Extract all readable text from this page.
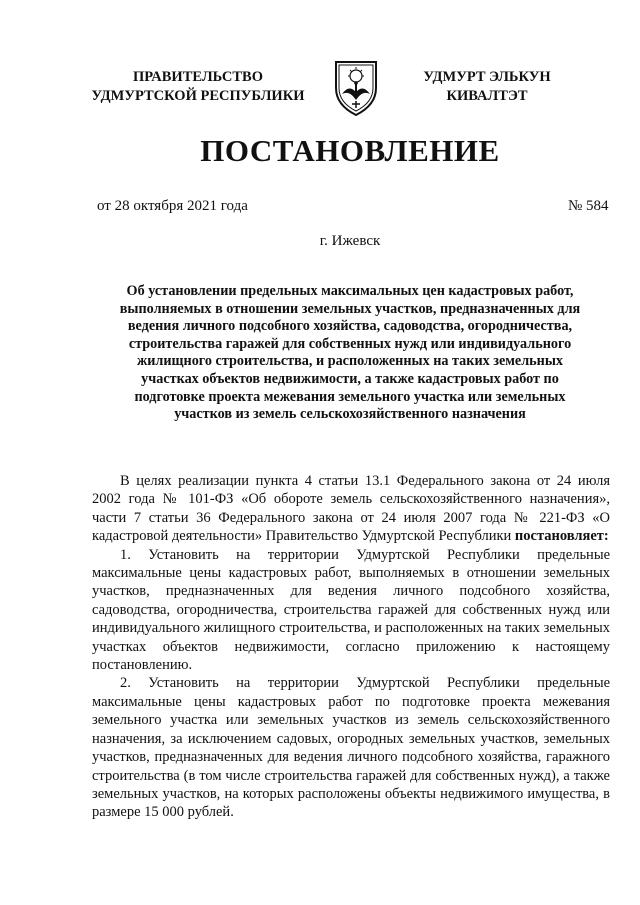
ПРАВИТЕЛЬСТВО
УДМУРТСКОЙ РЕСПУБЛИКИ
УДМУРТ ЭЛЬКУН
КИВАЛТЭТ
ПОСТАНОВЛЕНИЕ
от 28 октября 2021 года	№ 584
г. Ижевск
Об установлении предельных максимальных цен кадастровых работ, выполняемых в отношении земельных участков, предназначенных для ведения личного подсобного хозяйства, садоводства, огородничества, строительства гаражей для собственных нужд или индивидуального жилищного строительства, и расположенных на таких земельных участках объектов недвижимости, а также кадастровых работ по подготовке проекта межевания земельного участка или земельных участков из земель сельскохозяйственного назначения

В целях реализации пункта 4 статьи 13.1 Федерального закона от 24 июля 2002 года № 101-ФЗ «Об обороте земель сельскохозяйственного назначения», части 7 статьи 36 Федерального закона от 24 июля 2007 года № 221-ФЗ «О кадастровой деятельности» Правительство Удмуртской Республики постановляет:

1. Установить на территории Удмуртской Республики предельные максимальные цены кадастровых работ, выполняемых в отношении земельных участков, предназначенных для ведения личного подсобного хозяйства, садоводства, огородничества, строительства гаражей для собственных нужд или индивидуального жилищного строительства, и расположенных на таких земельных участках объектов недвижимости, согласно приложению к настоящему постановлению.

2. Установить на территории Удмуртской Республики предельные максимальные цены кадастровых работ по подготовке проекта межевания земельного участка или земельных участков из земель сельскохозяйственного назначения, за исключением садовых, огородных земельных участков, земельных участков, предназначенных для ведения личного подсобного хозяйства, гаражного строительства (в том числе строительства гаражей для собственных нужд), а также земельных участков, на которых расположены объекты недвижимого имущества, в размере 15 000 рублей.
